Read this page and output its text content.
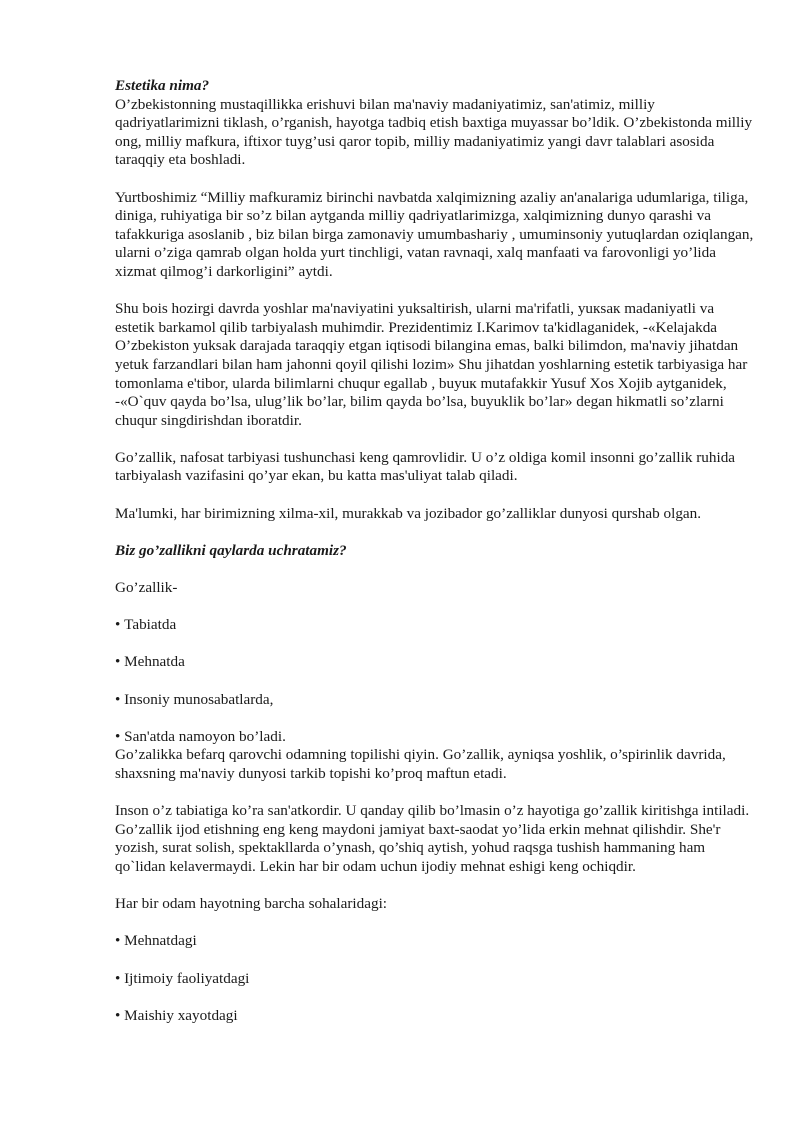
Estetika nima?

O’zbekistonning mustaqillikka erishuvi bilan ma'naviy madaniyatimiz, san'atimiz, milliy qadriyatlarimizni tiklash, o’rganish, hayotga tadbiq etish baxtiga muyassar bo’ldik. O’zbekistonda milliy ong, milliy mafkura, iftixor tuyg’usi qaror topib, milliy madaniyatimiz yangi davr talablari asosida taraqqiy eta boshladi.

Yurtboshimiz “Milliy mafkuramiz birinchi navbatda xalqimizning azaliy an'analariga udumlariga, tiliga, diniga, ruhiyatiga bir so’z bilan aytganda milliy qadriyatlarimizga, xalqimizning dunyo qarashi va tafakkuriga asoslanib , biz bilan birga zamonaviy umumbashariy , umuminsoniy yutuqlardan oziqlangan, ularni o’ziga qamrab olgan holda yurt tinchligi, vatan ravnaqi, xalq manfaati va farovonligi yo’lida xizmat qilmog’i darkorligini” aytdi.

Shu bois hozirgi davrda yoshlar ma'naviyatini yuksaltirish, ularni ma'rifatli, yuкsaк madaniyatli va estetik barkamol qilib tarbiyalash muhimdir. Prezidentimiz I.Karimov ta'kidlaganidek, -«Kelajakda O’zbekiston yuksak darajada taraqqiy etgan iqtisodi bilangina emas, balki bilimdon, ma'naviy jihatdan yetuk farzandlari bilan ham jahonni qoyil qilishi lozim» Shu jihatdan yoshlarning estetik tarbiyasiga har tomonlama e'tibor, ularda bilimlarni chuqur egallab , buyuк mutafakkir Yusuf Xos Xojib aytganidek, -«O`quv qayda bo’lsa, ulug’lik bo’lar, bilim qayda bo’lsa, buyuklik bo’lar» degan hikmatli so’zlarni chuqur singdirishdan iboratdir.

Go’zallik, nafosat tarbiyasi tushunchasi keng qamrovlidir. U o’z oldiga komil insonni go’zallik ruhida tarbiyalash vazifasini qo’yar ekan, bu katta mas'uliyat talab qiladi.

Ma'lumki, har birimizning xilma-xil, murakkab va jozibador go’zalliklar dunyosi qurshab olgan.

Biz go’zallikni qaylarda uchratamiz?

Go’zallik-

• Tabiatda

• Mehnatda

• Insoniy munosabatlarda,

• San'atda namoyon bo’ladi.

Go’zalikka befarq qarovchi odamning topilishi qiyin. Go’zallik, ayniqsa yoshlik, o’spirinlik davrida, shaxsning ma'naviy dunyosi tarkib topishi ko’proq maftun etadi.

Inson o’z tabiatiga ko’ra san'atkordir. U qanday qilib bo’lmasin o’z hayotiga go’zallik kiritishga intiladi. Go’zallik ijod etishning eng keng maydoni jamiyat baxt-saodat yo’lida erkin mehnat qilishdir. She'r yozish, surat solish, spektakllarda o’ynash, qo’shiq aytish, yohud raqsga tushish hammaning ham qo`lidan kelavermaydi. Lekin har bir odam uchun ijodiy mehnat eshigi keng ochiqdir.

Har bir odam hayotning barcha sohalaridagi:

• Mehnatdagi

• Ijtimoiy faoliyatdagi

• Maishiy xayotdagi
